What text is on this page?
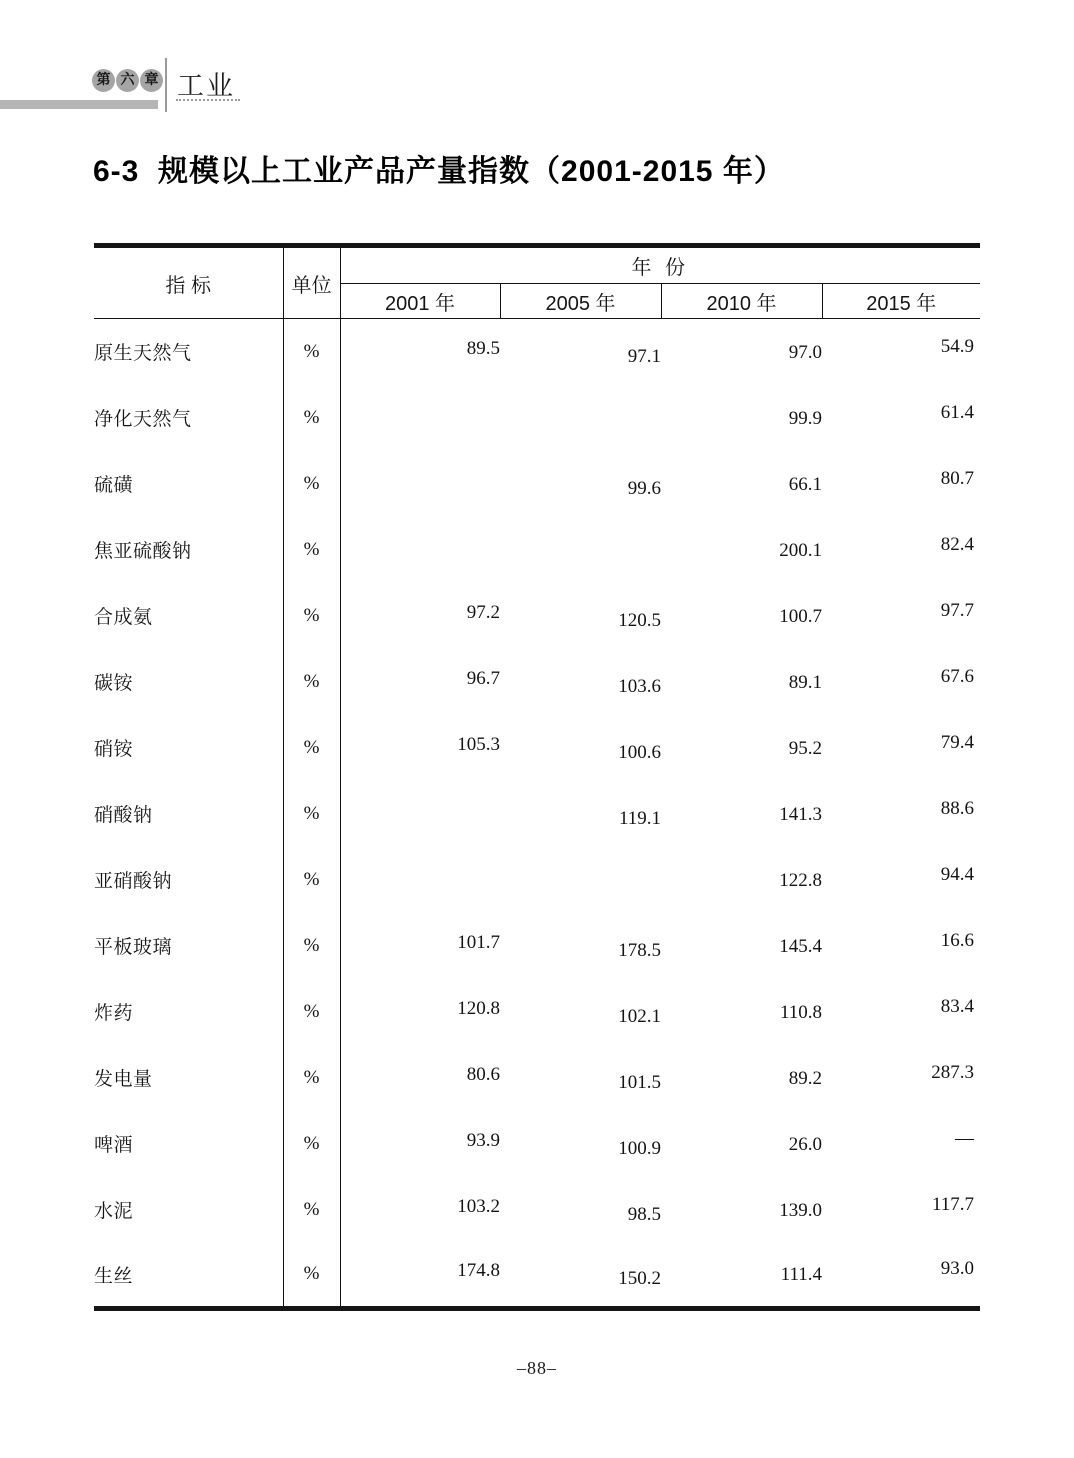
第 六 章 工业
6-3  规模以上工业产品产量指数（2001-2015 年）
指 标	单位	年 份			
		2001 年	2005 年	2010 年	2015 年
原生天然气	%	89.5	97.1	97.0	54.9
净化天然气	%			99.9	61.4
硫磺	%		99.6	66.1	80.7
焦亚硫酸钠	%			200.1	82.4
合成氨	%	97.2	120.5	100.7	97.7
碳铵	%	96.7	103.6	89.1	67.6
硝铵	%	105.3	100.6	95.2	79.4
硝酸钠	%		119.1	141.3	88.6
亚硝酸钠	%			122.8	94.4
平板玻璃	%	101.7	178.5	145.4	16.6
炸药	%	120.8	102.1	110.8	83.4
发电量	%	80.6	101.5	89.2	287.3
啤酒	%	93.9	100.9	26.0	—
水泥	%	103.2	98.5	139.0	117.7
生丝	%	174.8	150.2	111.4	93.0
–88–
